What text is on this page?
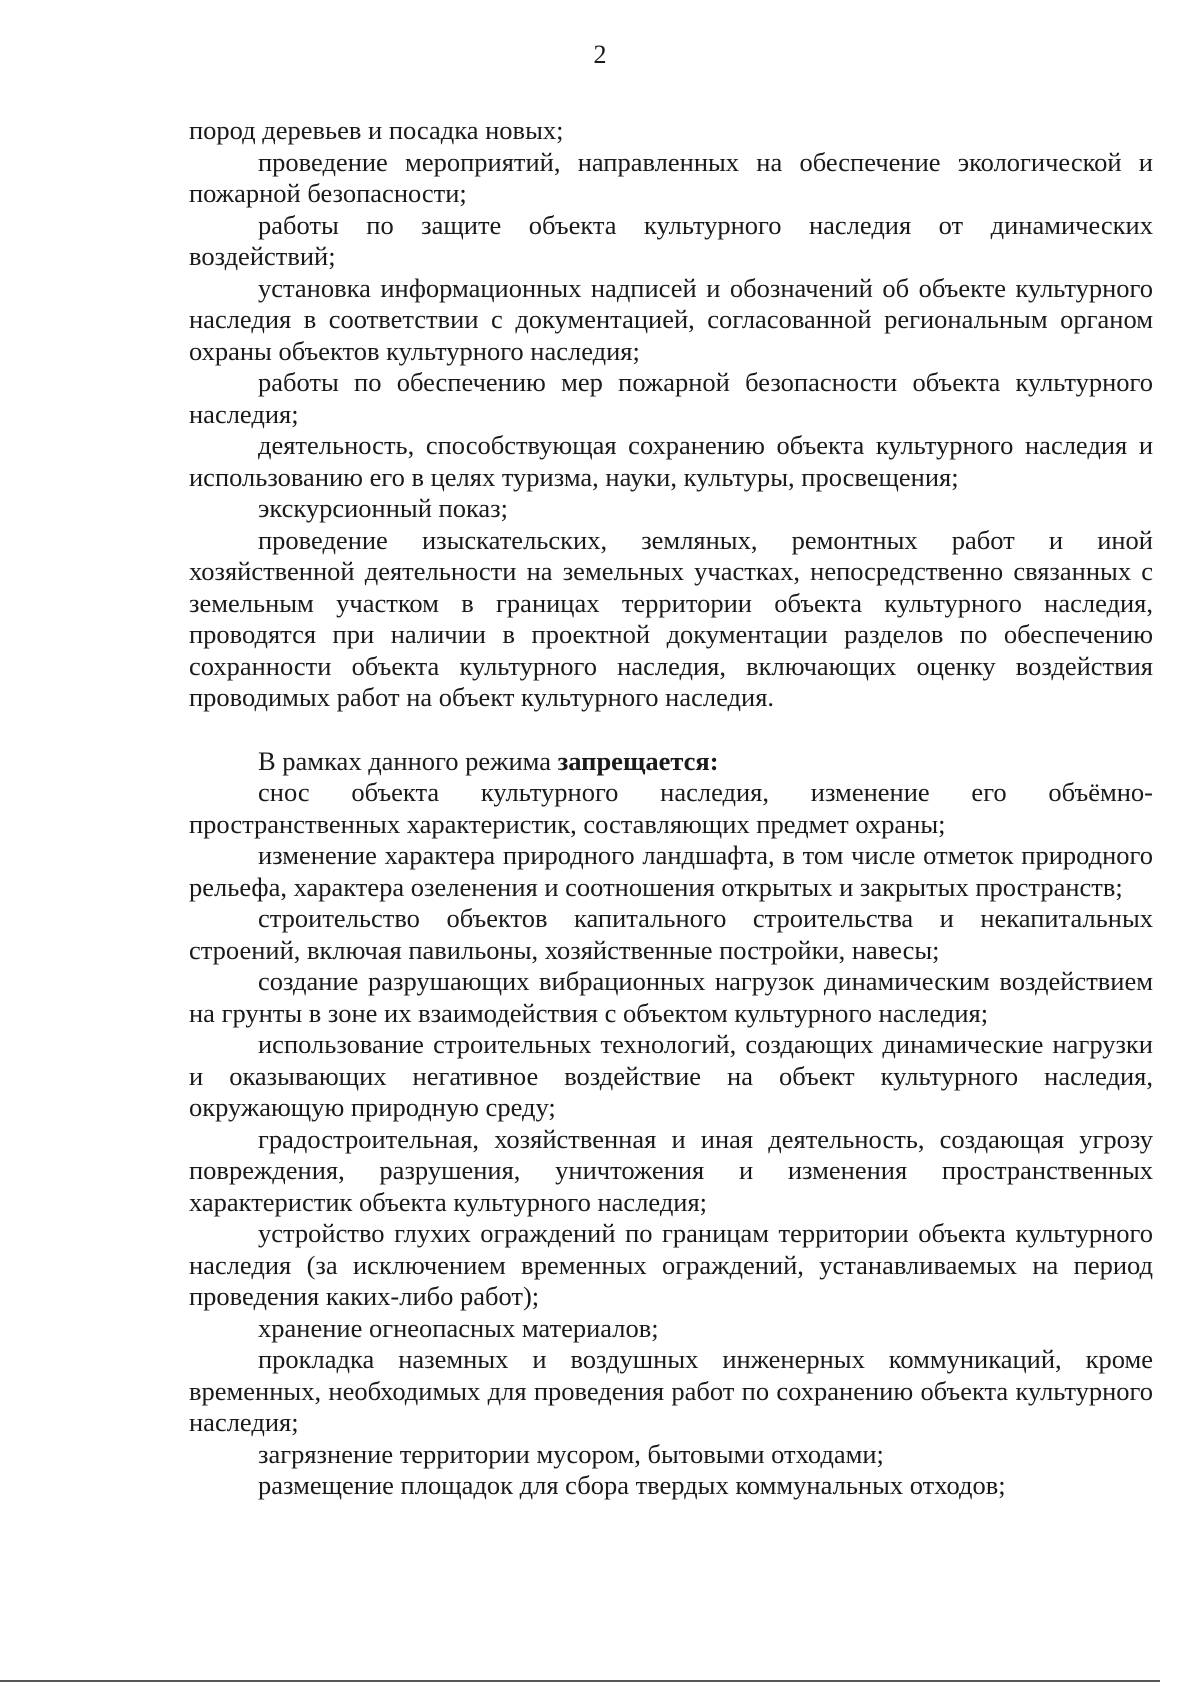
2

пород деревьев и посадка новых;

проведение мероприятий, направленных на обеспечение экологической и пожарной безопасности;

работы по защите объекта культурного наследия от динамических воздействий;

установка информационных надписей и обозначений об объекте культурного наследия в соответствии с документацией, согласованной региональным органом охраны объектов культурного наследия;

работы по обеспечению мер пожарной безопасности объекта культурного наследия;

деятельность, способствующая сохранению объекта культурного наследия и использованию его в целях туризма, науки, культуры, просвещения;

экскурсионный показ;

проведение изыскательских, земляных, ремонтных работ и иной хозяйственной деятельности на земельных участках, непосредственно связанных с земельным участком в границах территории объекта культурного наследия, проводятся при наличии в проектной документации разделов по обеспечению сохранности объекта культурного наследия, включающих оценку воздействия проводимых работ на объект культурного наследия.

В рамках данного режима запрещается:

снос объекта культурного наследия, изменение его объёмно-пространственных характеристик, составляющих предмет охраны;

изменение характера природного ландшафта, в том числе отметок природного рельефа, характера озеленения и соотношения открытых и закрытых пространств;

строительство объектов капитального строительства и некапитальных строений, включая павильоны, хозяйственные постройки, навесы;

создание разрушающих вибрационных нагрузок динамическим воздействием на грунты в зоне их взаимодействия с объектом культурного наследия;

использование строительных технологий, создающих динамические нагрузки и оказывающих негативное воздействие на объект культурного наследия, окружающую природную среду;

градостроительная, хозяйственная и иная деятельность, создающая угрозу повреждения, разрушения, уничтожения и изменения пространственных характеристик объекта культурного наследия;

устройство глухих ограждений по границам территории объекта культурного наследия (за исключением временных ограждений, устанавливаемых на период проведения каких-либо работ);

хранение огнеопасных материалов;

прокладка наземных и воздушных инженерных коммуникаций, кроме временных, необходимых для проведения работ по сохранению объекта культурного наследия;

загрязнение территории мусором, бытовыми отходами;

размещение площадок для сбора твердых коммунальных отходов;
